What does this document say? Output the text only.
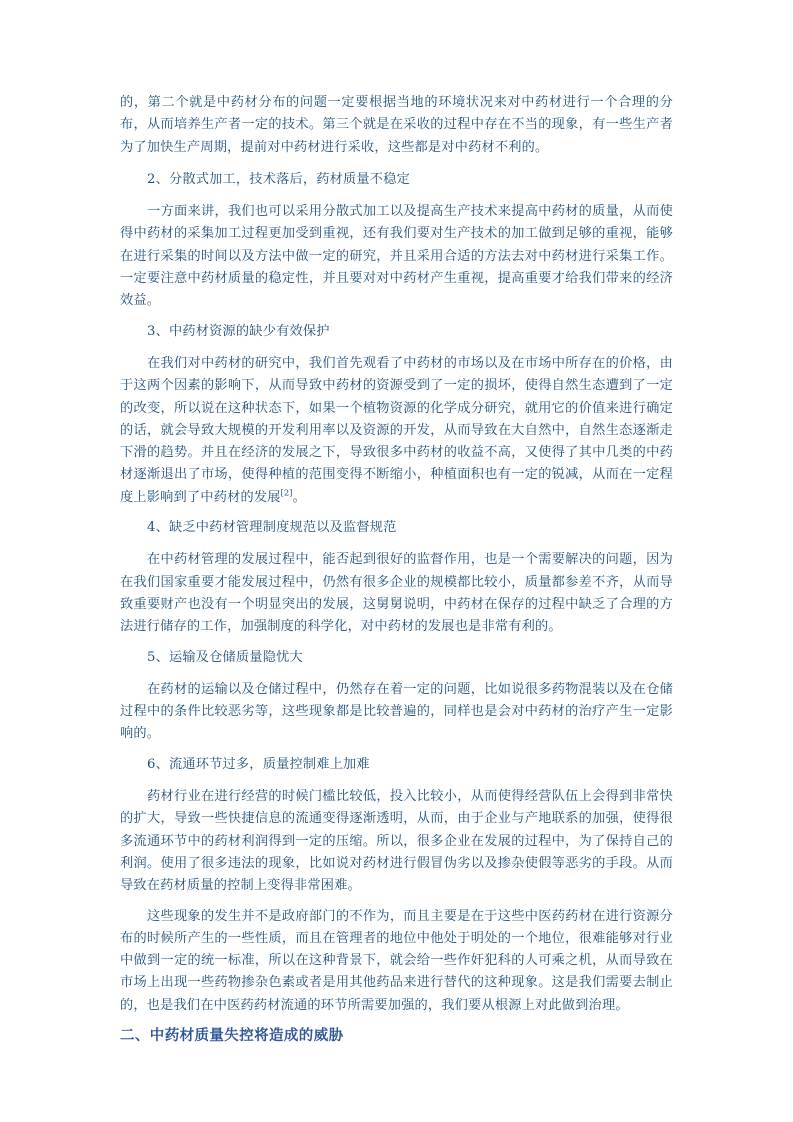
的，第二个就是中药材分布的问题一定要根据当地的环境状况来对中药材进行一个合理的分布，从而培养生产者一定的技术。第三个就是在采收的过程中存在不当的现象，有一些生产者为了加快生产周期，提前对中药材进行采收，这些都是对中药材不利的。

2、分散式加工，技术落后，药材质量不稳定

一方面来讲，我们也可以采用分散式加工以及提高生产技术来提高中药材的质量，从而使得中药材的采集加工过程更加受到重视，还有我们要对生产技术的加工做到足够的重视，能够在进行采集的时间以及方法中做一定的研究，并且采用合适的方法去对中药材进行采集工作。一定要注意中药材质量的稳定性，并且要对对中药材产生重视，提高重要才给我们带来的经济效益。

3、中药材资源的缺少有效保护

在我们对中药材的研究中，我们首先观看了中药材的市场以及在市场中所存在的价格，由于这两个因素的影响下，从而导致中药材的资源受到了一定的损坏，使得自然生态遭到了一定的改变，所以说在这种状态下，如果一个植物资源的化学成分研究，就用它的价值来进行确定的话，就会导致大规模的开发利用率以及资源的开发，从而导致在大自然中，自然生态逐渐走下滑的趋势。并且在经济的发展之下，导致很多中药材的收益不高，又使得了其中几类的中药材逐渐退出了市场，使得种植的范围变得不断缩小，种植面积也有一定的锐减，从而在一定程度上影响到了中药材的发展[2]。

4、缺乏中药材管理制度规范以及监督规范

在中药材管理的发展过程中，能否起到很好的监督作用，也是一个需要解决的问题，因为在我们国家重要才能发展过程中，仍然有很多企业的规模都比较小，质量都参差不齐，从而导致重要财产也没有一个明显突出的发展，这舅舅说明，中药材在保存的过程中缺乏了合理的方法进行储存的工作，加强制度的科学化，对中药材的发展也是非常有利的。

5、运输及仓储质量隐忧大

在药材的运输以及仓储过程中，仍然存在着一定的问题，比如说很多药物混装以及在仓储过程中的条件比较恶劣等，这些现象都是比较普遍的，同样也是会对中药材的治疗产生一定影响的。

6、流通环节过多，质量控制难上加难

药材行业在进行经营的时候门槛比较低，投入比较小，从而使得经营队伍上会得到非常快的扩大，导致一些快捷信息的流通变得逐渐透明，从而，由于企业与产地联系的加强，使得很多流通环节中的药材利润得到一定的压缩。所以，很多企业在发展的过程中，为了保持自己的利润。使用了很多违法的现象，比如说对药材进行假冒伪劣以及掺杂使假等恶劣的手段。从而导致在药材质量的控制上变得非常困难。

这些现象的发生并不是政府部门的不作为，而且主要是在于这些中医药药材在进行资源分布的时候所产生的一些性质，而且在管理者的地位中他处于明处的一个地位，很难能够对行业中做到一定的统一标准，所以在这种背景下，就会给一些作奸犯科的人可乘之机，从而导致在市场上出现一些药物掺杂色素或者是用其他药品来进行替代的这种现象。这是我们需要去制止的，也是我们在中医药药材流通的环节所需要加强的，我们要从根源上对此做到治理。

二、中药材质量失控将造成的威胁
